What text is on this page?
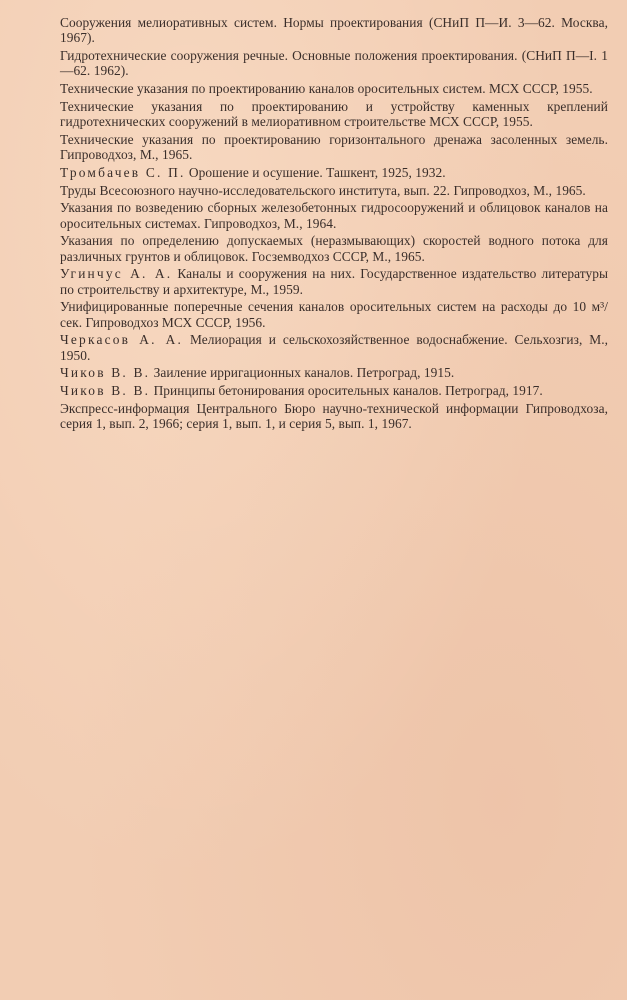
Сооружения мелиоративных систем. Нормы проектирования (СНиП П—И. 3—62. Москва, 1967).
Гидротехнические сооружения речные. Основные положения проектирования. (СНиП П—I. 1—62. 1962).
Технические указания по проектированию каналов оросительных систем. МСХ СССР, 1955.
Технические указания по проектированию и устройству каменных креплений гидротехнических сооружений в мелиоративном строительстве МСХ СССР, 1955.
Технические указания по проектированию горизонтального дренажа засоленных земель. Гипроводхоз, М., 1965.
Тромбачев С. П. Орошение и осушение. Ташкент, 1925, 1932.
Труды Всесоюзного научно-исследовательского института, вып. 22. Гипроводхоз, М., 1965.
Указания по возведению сборных железобетонных гидросооружений и облицовок каналов на оросительных системах. Гипроводхоз, М., 1964.
Указания по определению допускаемых (неразмывающих) скоростей водного потока для различных грунтов и облицовок. Госземводхоз СССР, М., 1965.
Угинчус А. А. Каналы и сооружения на них. Государственное издательство литературы по строительству и архитектуре, М., 1959.
Унифицированные поперечные сечения каналов оросительных систем на расходы до 10 м³/сек. Гипроводхоз МСХ СССР, 1956.
Черкасов А. А. Мелиорация и сельскохозяйственное водоснабжение. Сельхозгиз, М., 1950.
Чиков В. В. Заиление ирригационных каналов. Петроград, 1915.
Чиков В. В. Принципы бетонирования оросительных каналов. Петроград, 1917.
Экспресс-информация Центрального Бюро научно-технической информации Гипроводхоза, серия 1, вып. 2, 1966; серия 1, вып. 1, и серия 5, вып. 1, 1967.
